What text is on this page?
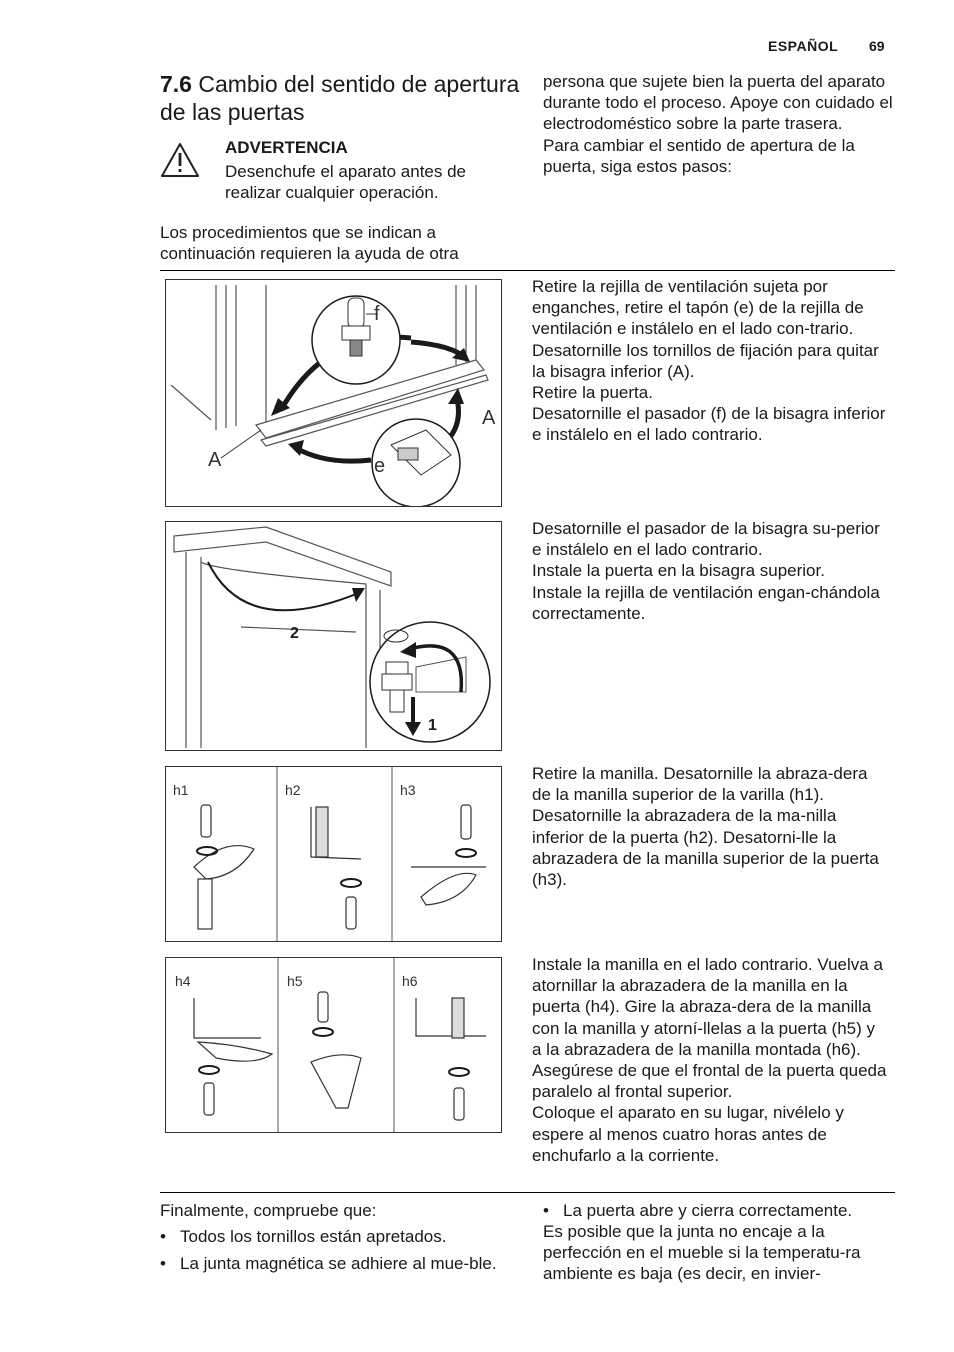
ESPAÑOL 69
7.6 Cambio del sentido de apertura de las puertas
ADVERTENCIA
Desenchufe el aparato antes de realizar cualquier operación.
Los procedimientos que se indican a continuación requieren la ayuda de otra
persona que sujete bien la puerta del aparato durante todo el proceso. Apoye con cuidado el electrodoméstico sobre la parte trasera.
Para cambiar el sentido de apertura de la puerta, siga estos pasos:
A
A
f
e
Retire la rejilla de ventilación sujeta por enganches, retire el tapón (e) de la rejilla de ventilación e instálelo en el lado con-trario.
Desatornille los tornillos de fijación para quitar la bisagra inferior (A).
Retire la puerta.
Desatornille el pasador (f) de la bisagra inferior e instálelo en el lado contrario.
2
1
Desatornille el pasador de la bisagra su-perior e instálelo en el lado contrario.
Instale la puerta en la bisagra superior.
Instale la rejilla de ventilación engan-chándola correctamente.
h1	h2	h3
Retire la manilla. Desatornille la abraza-dera de la manilla superior de la varilla (h1). Desatornille la abrazadera de la ma-nilla inferior de la puerta (h2). Desatorni-lle la abrazadera de la manilla superior de la puerta (h3).
h4	h5	h6
Instale la manilla en el lado contrario. Vuelva a atornillar la abrazadera de la manilla en la puerta (h4). Gire la abraza-dera de la manilla con la manilla y atorní-llelas a la puerta (h5) y a la abrazadera de la manilla montada (h6).
Asegúrese de que el frontal de la puerta queda paralelo al frontal superior.
Coloque el aparato en su lugar, nivélelo y espere al menos cuatro horas antes de enchufarlo a la corriente.
Finalmente, compruebe que:
• Todos los tornillos están apretados.
• La junta magnética se adhiere al mue-ble.
• La puerta abre y cierra correctamente.
Es posible que la junta no encaje a la perfección en el mueble si la temperatu-ra ambiente es baja (es decir, en invier-
